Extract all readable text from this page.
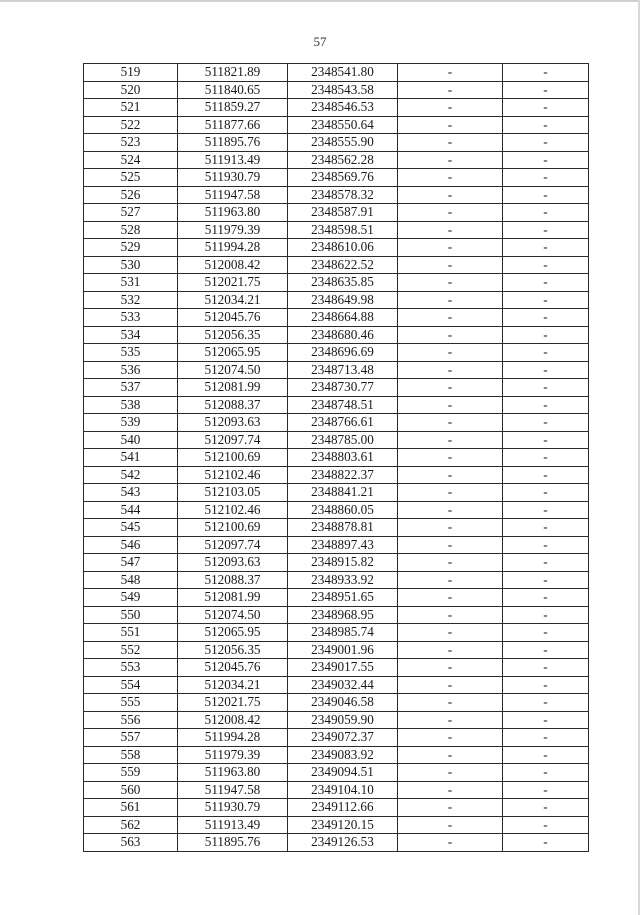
57
519	511821.89	2348541.80	-	-
520	511840.65	2348543.58	-	-
521	511859.27	2348546.53	-	-
522	511877.66	2348550.64	-	-
523	511895.76	2348555.90	-	-
524	511913.49	2348562.28	-	-
525	511930.79	2348569.76	-	-
526	511947.58	2348578.32	-	-
527	511963.80	2348587.91	-	-
528	511979.39	2348598.51	-	-
529	511994.28	2348610.06	-	-
530	512008.42	2348622.52	-	-
531	512021.75	2348635.85	-	-
532	512034.21	2348649.98	-	-
533	512045.76	2348664.88	-	-
534	512056.35	2348680.46	-	-
535	512065.95	2348696.69	-	-
536	512074.50	2348713.48	-	-
537	512081.99	2348730.77	-	-
538	512088.37	2348748.51	-	-
539	512093.63	2348766.61	-	-
540	512097.74	2348785.00	-	-
541	512100.69	2348803.61	-	-
542	512102.46	2348822.37	-	-
543	512103.05	2348841.21	-	-
544	512102.46	2348860.05	-	-
545	512100.69	2348878.81	-	-
546	512097.74	2348897.43	-	-
547	512093.63	2348915.82	-	-
548	512088.37	2348933.92	-	-
549	512081.99	2348951.65	-	-
550	512074.50	2348968.95	-	-
551	512065.95	2348985.74	-	-
552	512056.35	2349001.96	-	-
553	512045.76	2349017.55	-	-
554	512034.21	2349032.44	-	-
555	512021.75	2349046.58	-	-
556	512008.42	2349059.90	-	-
557	511994.28	2349072.37	-	-
558	511979.39	2349083.92	-	-
559	511963.80	2349094.51	-	-
560	511947.58	2349104.10	-	-
561	511930.79	2349112.66	-	-
562	511913.49	2349120.15	-	-
563	511895.76	2349126.53	-	-
